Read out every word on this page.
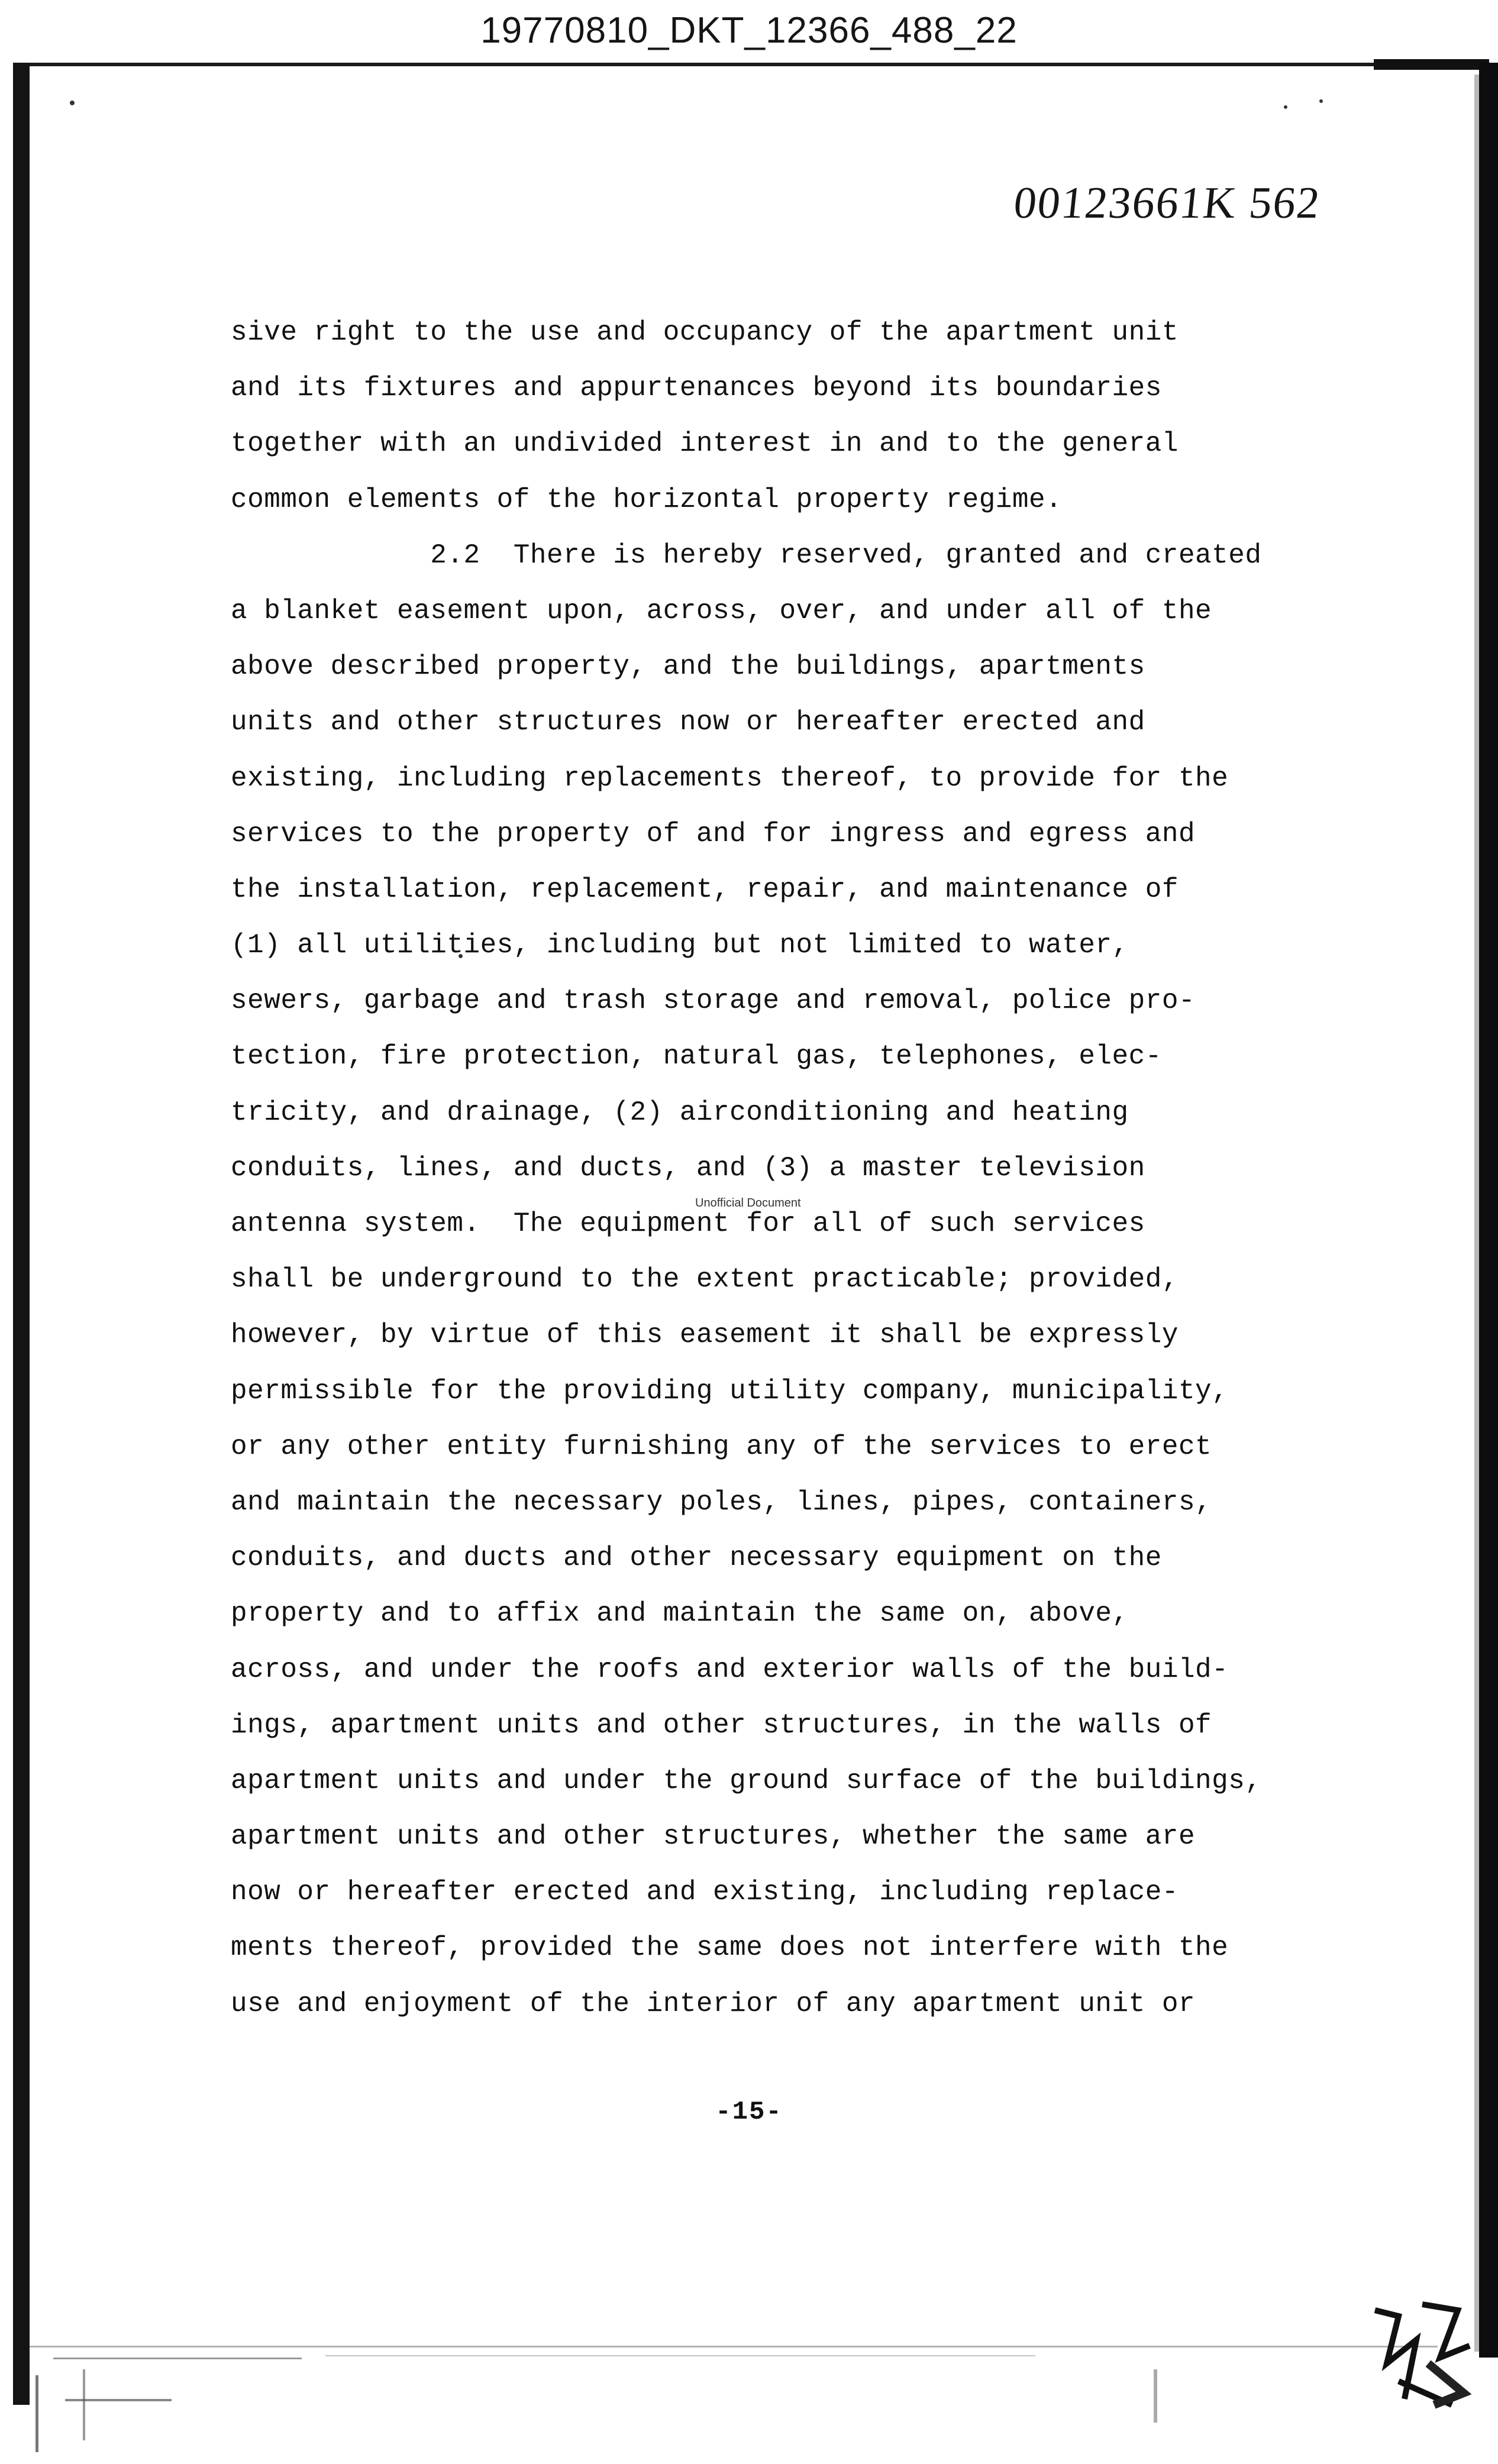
19770810_DKT_12366_488_22
00123661K 562
sive right to the use and occupancy of the apartment unit
and its fixtures and appurtenances beyond its boundaries
together with an undivided interest in and to the general
common elements of the horizontal property regime.
2.2  There is hereby reserved, granted and created
a blanket easement upon, across, over, and under all of the
above described property, and the buildings, apartments
units and other structures now or hereafter erected and
existing, including replacements thereof, to provide for the
services to the property of and for ingress and egress and
the installation, replacement, repair, and maintenance of
(1) all utilities, including but not limited to water,
sewers, garbage and trash storage and removal, police pro-
tection, fire protection, natural gas, telephones, elec-
tricity, and drainage, (2) airconditioning and heating
conduits, lines, and ducts, and (3) a master television
antenna system.  The equipment for all of such services
shall be underground to the extent practicable; provided,
however, by virtue of this easement it shall be expressly
permissible for the providing utility company, municipality,
or any other entity furnishing any of the services to erect
and maintain the necessary poles, lines, pipes, containers,
conduits, and ducts and other necessary equipment on the
property and to affix and maintain the same on, above,
across, and under the roofs and exterior walls of the build-
ings, apartment units and other structures, in the walls of
apartment units and under the ground surface of the buildings,
apartment units and other structures, whether the same are
now or hereafter erected and existing, including replace-
ments thereof, provided the same does not interfere with the
use and enjoyment of the interior of any apartment unit or
Unofficial Document
-15-
